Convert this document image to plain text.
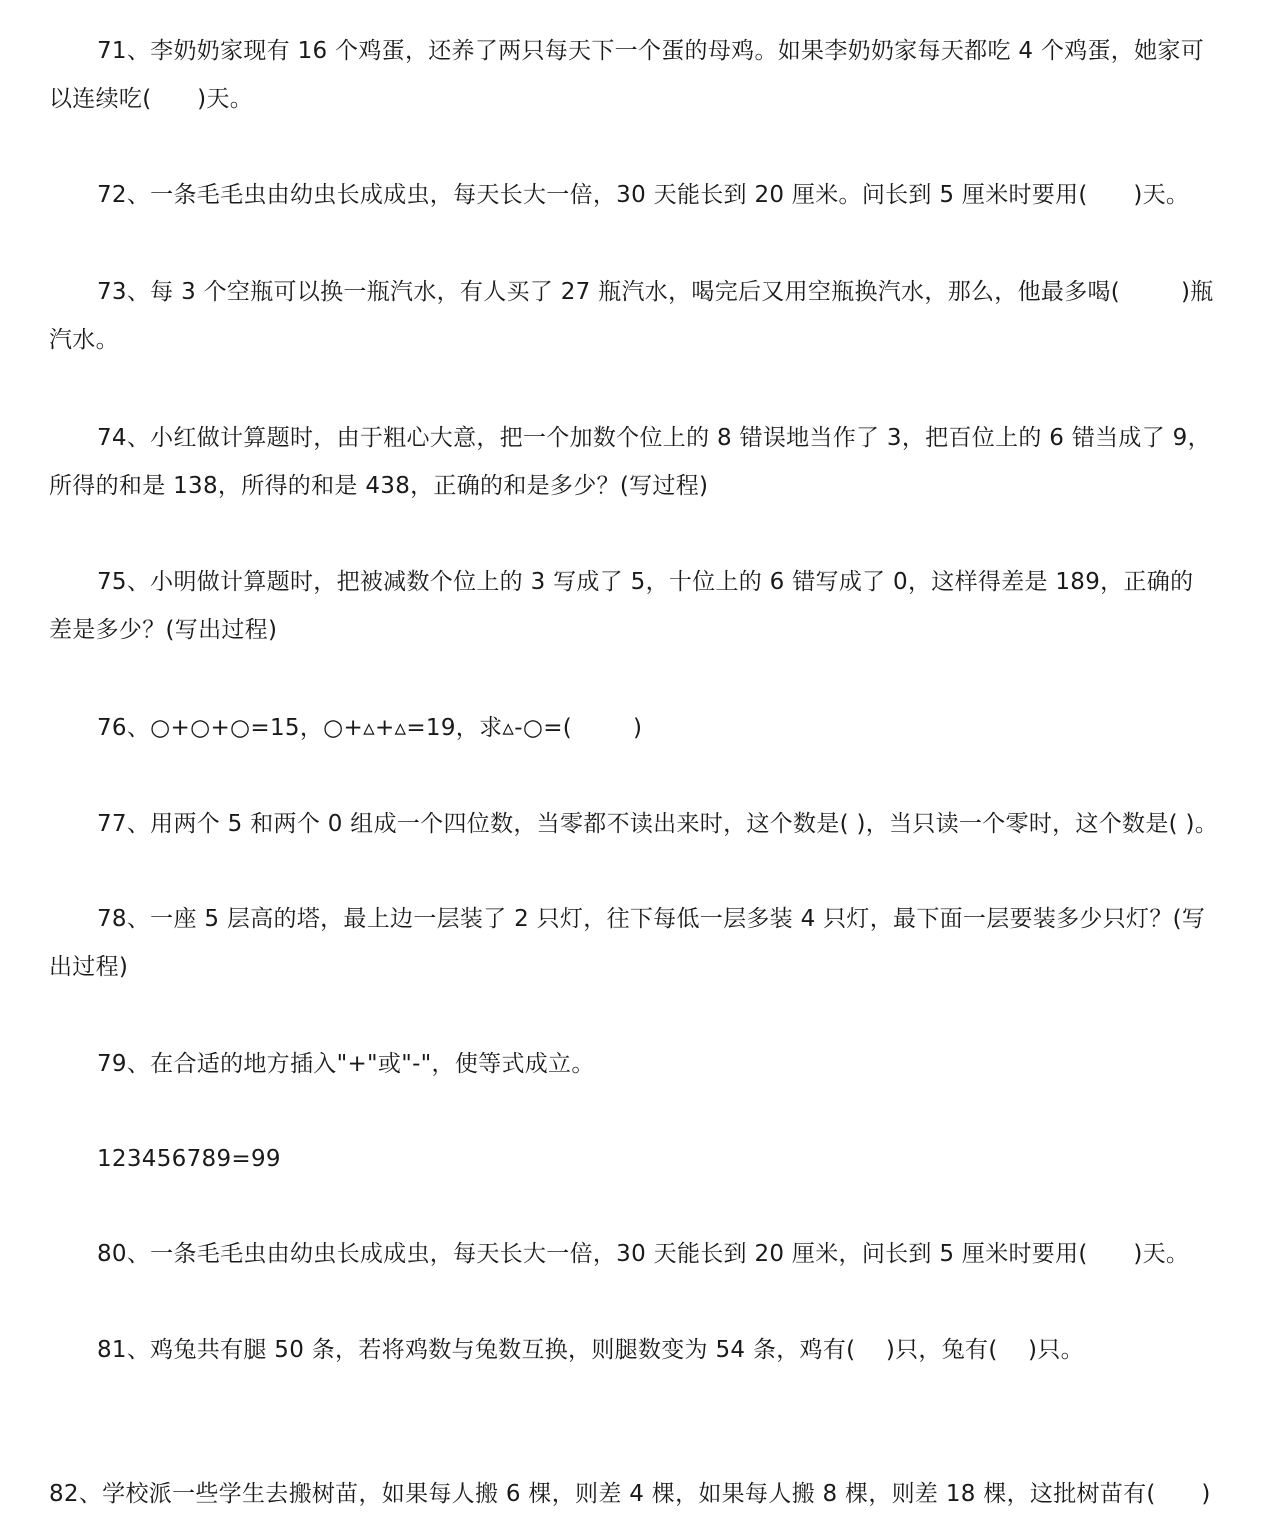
71、李奶奶家现有 16 个鸡蛋，还养了两只每天下一个蛋的母鸡。如果李奶奶家每天都吃 4 个鸡蛋，她家可
以连续吃(      )天。

72、一条毛毛虫由幼虫长成成虫，每天长大一倍，30 天能长到 20 厘米。问长到 5 厘米时要用(      )天。

73、每 3 个空瓶可以换一瓶汽水，有人买了 27 瓶汽水，喝完后又用空瓶换汽水，那么，他最多喝(        )瓶
汽水。

74、小红做计算题时，由于粗心大意，把一个加数个位上的 8 错误地当作了 3，把百位上的 6 错当成了 9，
所得的和是 138，所得的和是 438，正确的和是多少？(写过程)

75、小明做计算题时，把被减数个位上的 3 写成了 5，十位上的 6 错写成了 0，这样得差是 189，正确的
差是多少？(写出过程)

76、○+○+○=15，○+▵+▵=19，求▵-○=(        )

77、用两个 5 和两个 0 组成一个四位数，当零都不读出来时，这个数是( )，当只读一个零时，这个数是( )。

78、一座 5 层高的塔，最上边一层装了 2 只灯，往下每低一层多装 4 只灯，最下面一层要装多少只灯？(写
出过程)

79、在合适的地方插入"+"或"-"，使等式成立。

123456789=99

80、一条毛毛虫由幼虫长成成虫，每天长大一倍，30 天能长到 20 厘米，问长到 5 厘米时要用(      )天。

81、鸡兔共有腿 50 条，若将鸡数与兔数互换，则腿数变为 54 条，鸡有(    )只，兔有(    )只。

82、学校派一些学生去搬树苗，如果每人搬 6 棵，则差 4 棵，如果每人搬 8 棵，则差 18 棵，这批树苗有(      )
